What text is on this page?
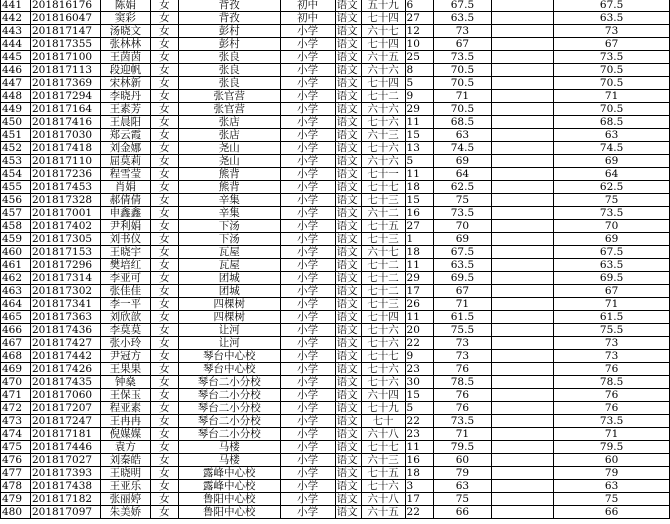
441	201816176	陈娟	女	背孜	初中	语文	五十九	6	67.5		67.5
442	201816047	窦彩	女	背孜	初中	语文	七十四	27	63.5		63.5
443	201817147	汤晓文	女	彭村	小学	语文	六十七	12	73		73
444	201817355	张林林	女	彭村	小学	语文	七十四	10	67		67
445	201817100	王茵茵	女	张良	小学	语文	六十五	25	73.5		73.5
446	201817113	段迎帆	女	张良	小学	语文	六十六	8	70.5		70.5
447	201817369	宋林新	女	张良	小学	语文	七十四	5	70.5		70.5
448	201817294	李晓丹	女	张官营	小学	语文	七十二	9	71		71
449	201817164	王素芳	女	张官营	小学	语文	六十六	29	70.5		70.5
450	201817416	王晨阳	女	张店	小学	语文	七十六	11	68.5		68.5
451	201817030	郑云霞	女	张店	小学	语文	六十三	15	63		63
452	201817418	刘金娜	女	尧山	小学	语文	七十六	13	74.5		74.5
453	201817110	屈莫莉	女	尧山	小学	语文	六十六	5	69		69
454	201817236	程雪莹	女	熊背	小学	语文	七十一	11	64		64
455	201817453	肖娟	女	熊背	小学	语文	七十七	18	62.5		62.5
456	201817328	郝倩倩	女	辛集	小学	语文	七十三	15	75		75
457	201817001	申鑫鑫	女	辛集	小学	语文	六十二	16	73.5		73.5
458	201817402	尹利娟	女	下汤	小学	语文	七十五	27	70		70
459	201817305	刘书仪	女	下汤	小学	语文	七十三	1	69		69
460	201817153	王晓宇	女	瓦屋	小学	语文	六十七	18	67.5		67.5
461	201817296	樊培红	女	瓦屋	小学	语文	七十二	11	63.5		63.5
462	201817314	李亚可	女	团城	小学	语文	七十二	29	69.5		69.5
463	201817302	张佳佳	女	团城	小学	语文	七十二	17	67		67
464	201817341	李一平	女	四棵树	小学	语文	七十三	26	71		71
465	201817363	刘欣歆	女	四棵树	小学	语文	七十四	11	61.5		61.5
466	201817436	李莫莫	女	让河	小学	语文	七十六	20	75.5		75.5
467	201817427	张小玲	女	让河	小学	语文	七十六	22	73		73
468	201817442	尹冠方	女	琴台中心校	小学	语文	七十七	9	73		73
469	201817426	王果果	女	琴台中心校	小学	语文	七十六	23	76		76
470	201817435	钟燊	女	琴台二小分校	小学	语文	七十六	30	78.5		78.5
471	201817060	王保玉	女	琴台二小分校	小学	语文	六十四	15	76		76
472	201817207	程亚素	女	琴台二小分校	小学	语文	七十九	5	76		76
473	201817247	王冉冉	女	琴台二小分校	小学	语文	七十	22	73.5		73.5
474	201817181	倪媒媒	女	琴台二小分校	小学	语文	六十八	23	71		71
475	201817446	袁方	女	马楼	小学	语文	七十七	11	79.5		79.5
476	201817027	刘秦皓	女	马楼	小学	语文	六十三	16	60		60
477	201817393	王晓明	女	露峰中心校	小学	语文	七十五	18	79		79
478	201817438	王亚乐	女	露峰中心校	小学	语文	七十六	3	63		63
479	201817182	张丽婷	女	鲁阳中心校	小学	语文	六十八	17	75		75
480	201817097	朱美娇	女	鲁阳中心校	小学	语文	六十五	22	66		66
